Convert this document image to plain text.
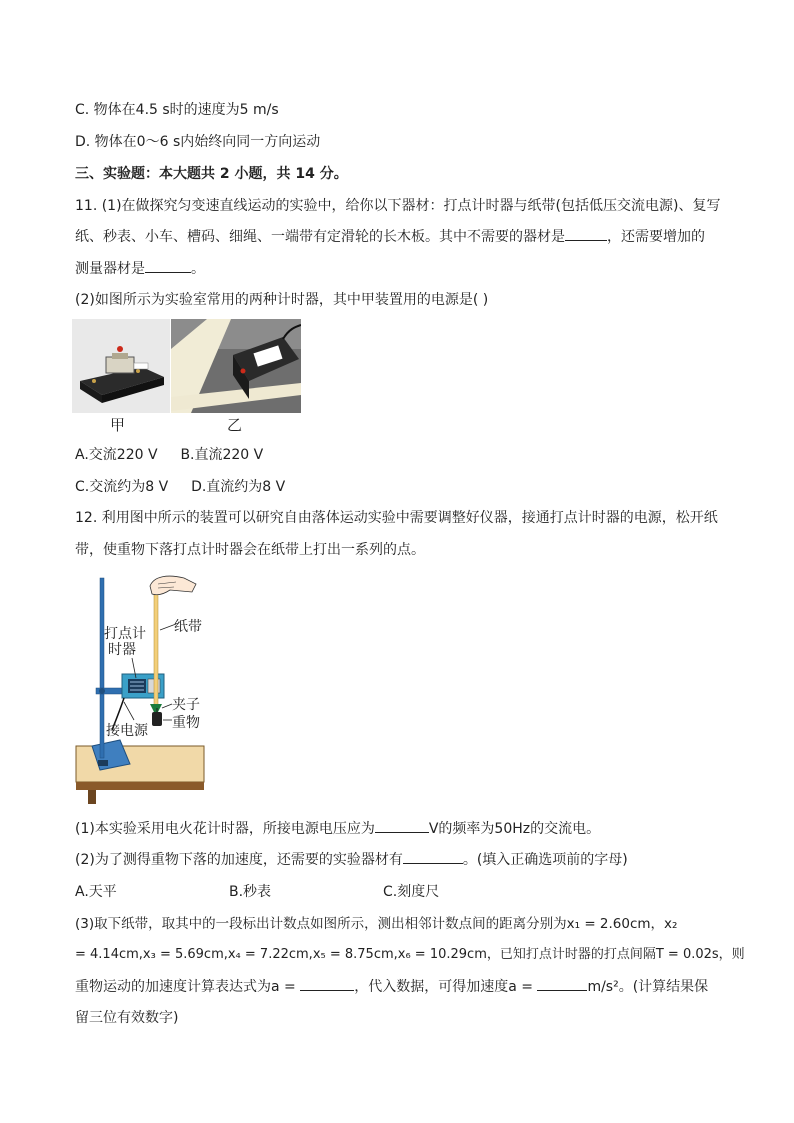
C. 物体在4.5 s时的速度为5 m/s
D. 物体在0～6 s内始终向同一方向运动
三、实验题：本大题共 2 小题，共 14 分。
11. (1)在做探究匀变速直线运动的实验中，给你以下器材：打点计时器与纸带(包括低压交流电源)、复写
纸、秒表、小车、槽码、细绳、一端带有定滑轮的长木板。其中不需要的器材是	，还需要增加的
测量器材是	。
(2)如图所示为实验室常用的两种计时器，其中甲装置用的电源是( )
甲	乙
A.交流220 V B.直流220 V
C.交流约为8 V D.直流约为8 V
12. 利用图中所示的装置可以研究自由落体运动实验中需要调整好仪器，接通打点计时器的电源，松开纸
带，使重物下落打点计时器会在纸带上打出一系列的点。
打点计
时器
纸带
夹子
重物
接电源
(1)本实验采用电火花计时器，所接电源电压应为	V的频率为50Hz的交流电。
(2)为了测得重物下落的加速度，还需要的实验器材有	。(填入正确选项前的字母)
A.天平	B.秒表	C.刻度尺
(3)取下纸带，取其中的一段标出计数点如图所示，测出相邻计数点间的距离分别为x₁ = 2.60cm，x₂
= 4.14cm,x₃ = 5.69cm,x₄ = 7.22cm,x₅ = 8.75cm,x₆ = 10.29cm，已知打点计时器的打点间隔T = 0.02s，则
重物运动的加速度计算表达式为a =	，代入数据，可得加速度a =	m/s²。(计算结果保
留三位有效数字)
